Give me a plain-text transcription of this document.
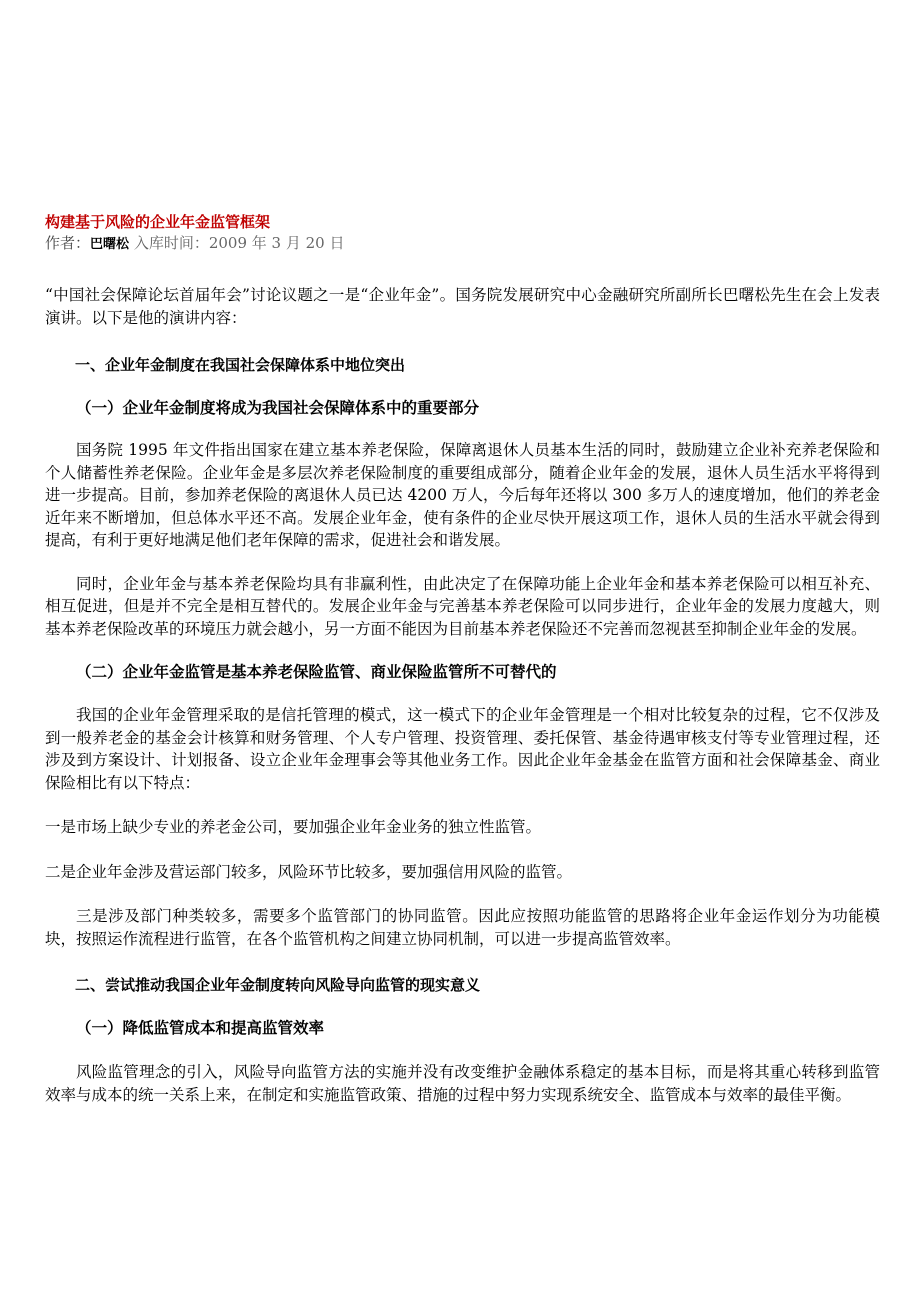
构建基于风险的企业年金监管框架
作者：巴曙松 入库时间：2009 年 3 月 20 日

“中国社会保障论坛首届年会”讨论议题之一是“企业年金”。国务院发展研究中心金融研究所副所长巴曙松先生在会上发表演讲。以下是他的演讲内容：

一、企业年金制度在我国社会保障体系中地位突出
（一）企业年金制度将成为我国社会保障体系中的重要部分

国务院 1995 年文件指出国家在建立基本养老保险，保障离退休人员基本生活的同时，鼓励建立企业补充养老保险和个人储蓄性养老保险。企业年金是多层次养老保险制度的重要组成部分，随着企业年金的发展，退休人员生活水平将得到进一步提高。目前，参加养老保险的离退休人员已达 4200 万人，今后每年还将以 300 多万人的速度增加，他们的养老金近年来不断增加，但总体水平还不高。发展企业年金，使有条件的企业尽快开展这项工作，退休人员的生活水平就会得到提高，有利于更好地满足他们老年保障的需求，促进社会和谐发展。

同时，企业年金与基本养老保险均具有非赢利性，由此决定了在保障功能上企业年金和基本养老保险可以相互补充、相互促进，但是并不完全是相互替代的。发展企业年金与完善基本养老保险可以同步进行，企业年金的发展力度越大，则基本养老保险改革的环境压力就会越小，另一方面不能因为目前基本养老保险还不完善而忽视甚至抑制企业年金的发展。

（二）企业年金监管是基本养老保险监管、商业保险监管所不可替代的

我国的企业年金管理采取的是信托管理的模式，这一模式下的企业年金管理是一个相对比较复杂的过程，它不仅涉及到一般养老金的基金会计核算和财务管理、个人专户管理、投资管理、委托保管、基金待遇审核支付等专业管理过程，还涉及到方案设计、计划报备、设立企业年金理事会等其他业务工作。因此企业年金基金在监管方面和社会保障基金、商业保险相比有以下特点：

一是市场上缺少专业的养老金公司，要加强企业年金业务的独立性监管。

二是企业年金涉及营运部门较多，风险环节比较多，要加强信用风险的监管。

三是涉及部门种类较多，需要多个监管部门的协同监管。因此应按照功能监管的思路将企业年金运作划分为功能模块，按照运作流程进行监管，在各个监管机构之间建立协同机制，可以进一步提高监管效率。

二、尝试推动我国企业年金制度转向风险导向监管的现实意义
（一）降低监管成本和提高监管效率

风险监管理念的引入，风险导向监管方法的实施并没有改变维护金融体系稳定的基本目标，而是将其重心转移到监管效率与成本的统一关系上来，在制定和实施监管政策、措施的过程中努力实现系统安全、监管成本与效率的最佳平衡。
